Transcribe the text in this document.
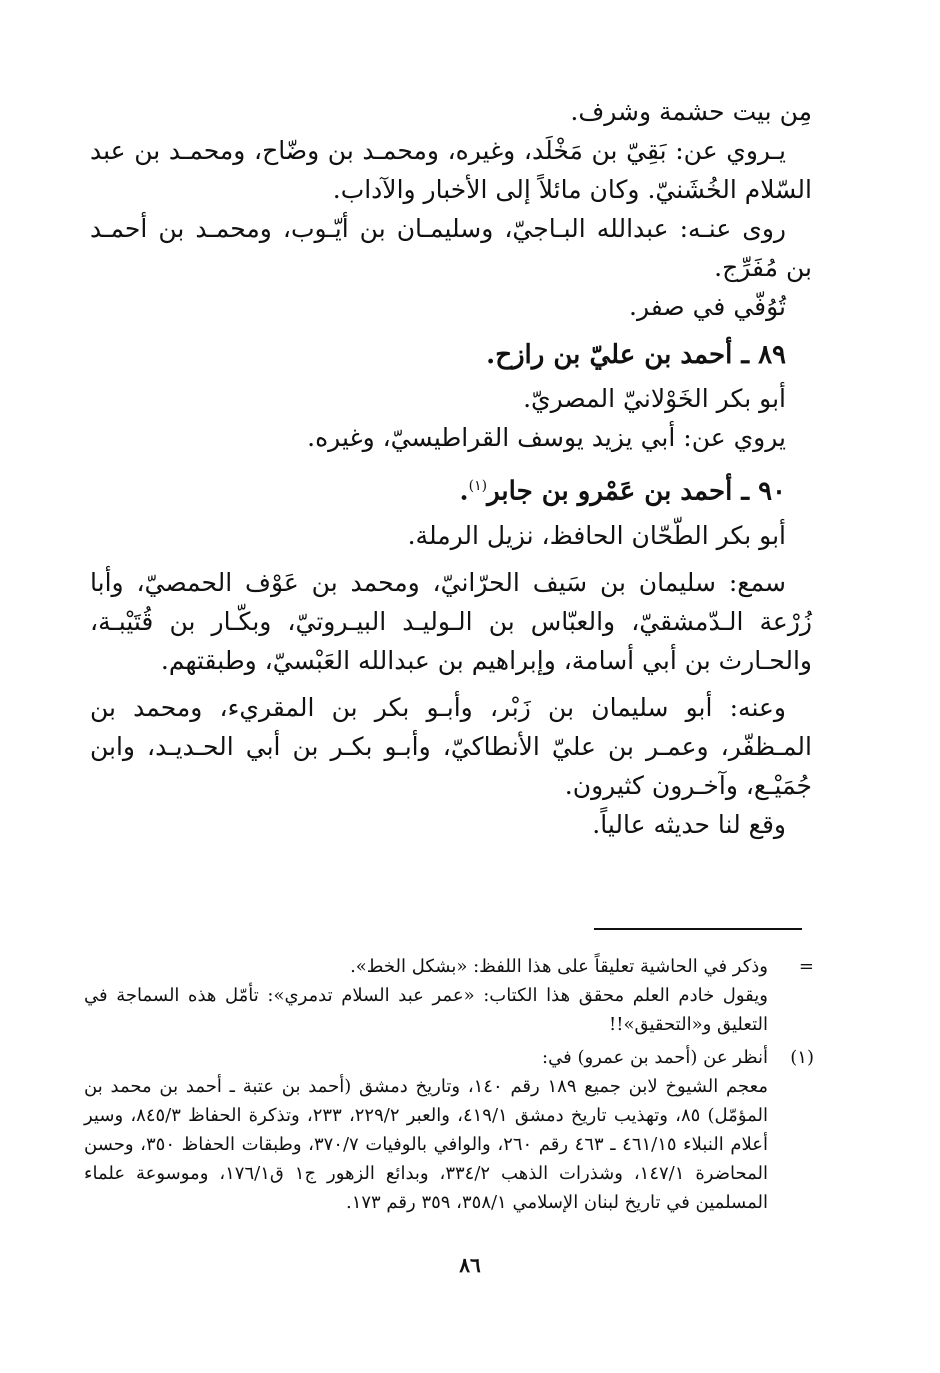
مِن بيت حشمة وشرف.

يـروي عن: بَقِيّ بن مَخْلَد، وغيره، ومحمـد بن وضّاح، ومحمـد بن عبد السّلام الخُشَنيّ. وكان مائلاً إلى الأخبار والآداب.

روى عنـه: عبدالله البـاجيّ، وسليمـان بن أيّـوب، ومحمـد بن أحمـد بن مُفَرِّج.

تُوُفّي في صفر.

٨٩ ـ أحمد بن عليّ بن رازح.

أبو بكر الخَوْلانيّ المصريّ.

يروي عن: أبي يزيد يوسف القراطيسيّ، وغيره.

٩٠ ـ أحمد بن عَمْرو بن جابر$^{(١)}$.

أبو بكر الطّحّان الحافظ، نزيل الرملة.

سمع: سليمان بن سَيف الحرّانيّ، ومحمد بن عَوْف الحمصيّ، وأبا زُرْعة الـدّمشقيّ، والعبّاس بن الـوليـد البيـروتيّ، وبكّـار بن قُتَيْبـة، والحـارث بن أبي أسامة، وإبراهيم بن عبدالله العَبْسيّ، وطبقتهم.

وعنه: أبو سليمان بن زَبْر، وأبـو بكر بن المقريء، ومحمد بن المـظفّر، وعمـر بن عليّ الأنطاكيّ، وأبـو بكـر بن أبي الحـديـد، وابن جُمَيْـع، وآخـرون كثيرون.

وقع لنا حديثه عالياً.

=

وذكر في الحاشية تعليقاً على هذا اللفظ: «بشكل الخط».

ويقول خادم العلم محقق هذا الكتاب: «عمر عبد السلام تدمري»: تأمّل هذه السماجة في التعليق و«التحقيق»!!

(١)

أنظر عن (أحمد بن عمرو) في:

معجم الشيوخ لابن جميع ١٨٩ رقم ١٤٠، وتاريخ دمشق (أحمد بن عتبة ـ أحمد بن محمد بن المؤمّل) ٨٥، وتهذيب تاريخ دمشق ٤١٩/١، والعبر ٢٢٩/٢، ٢٣٣، وتذكرة الحفاظ ٨٤٥/٣، وسير أعلام النبلاء ٤٦١/١٥ ـ ٤٦٣ رقم ٢٦٠، والوافي بالوفيات ٣٧٠/٧، وطبقات الحفاظ ٣٥٠، وحسن المحاضرة ١٤٧/١، وشذرات الذهب ٣٣٤/٢، وبدائع الزهور ج١ ق١٧٦/١، وموسوعة علماء المسلمين في تاريخ لبنان الإسلامي ٣٥٨/١، ٣٥٩ رقم ١٧٣.

٨٦
